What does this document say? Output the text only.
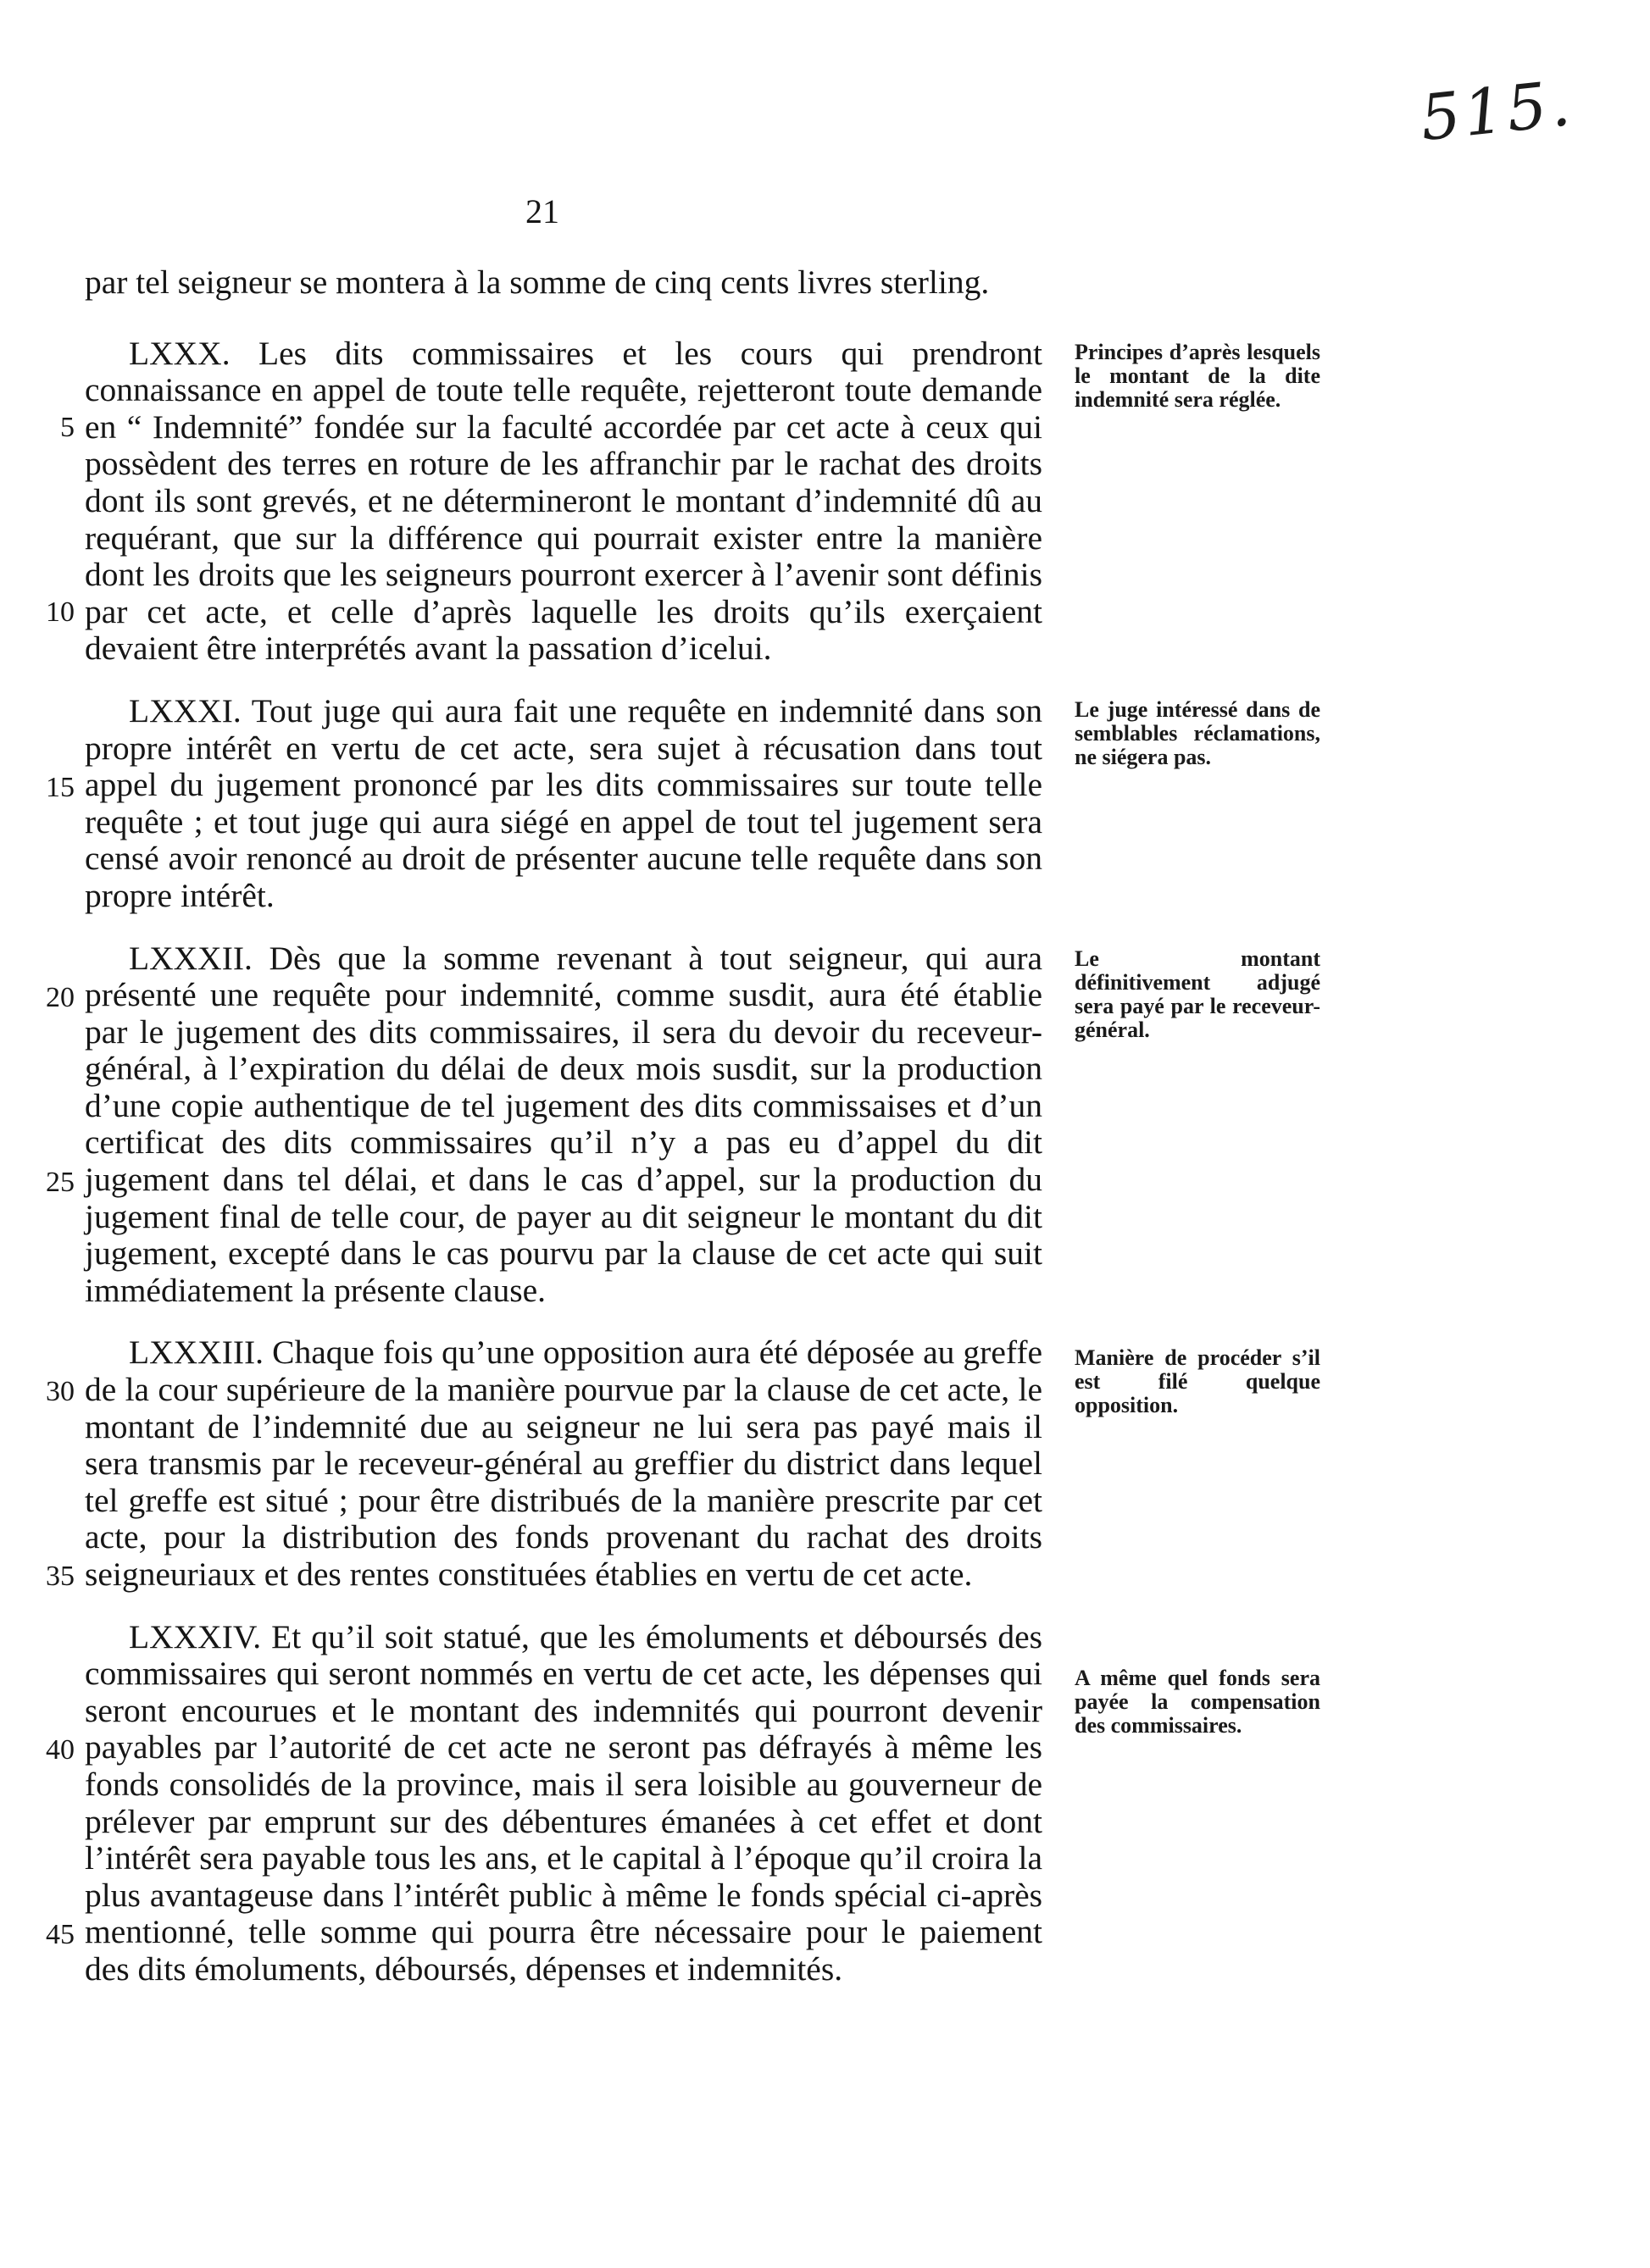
515.
21

par tel seigneur se montera à la somme de cinq cents livres sterling.

5
10

LXXX. Les dits commissaires et les cours qui prendront connaissance en appel de toute telle requête, rejetteront toute demande en “ Indemnité” fondée sur la faculté accordée par cet acte à ceux qui possèdent des terres en roture de les affranchir par le rachat des droits dont ils sont grevés, et ne détermineront le montant d’indemnité dû au requérant, que sur la différence qui pourrait exister entre la manière dont les droits que les seigneurs pourront exercer à l’avenir sont définis par cet acte, et celle d’après laquelle les droits qu’ils exerçaient devaient être interprétés avant la passation d’icelui.

Principes d’après lesquels le montant de la dite indemnité sera réglée.
15

LXXXI. Tout juge qui aura fait une requête en indemnité dans son propre intérêt en vertu de cet acte, sera sujet à récusation dans tout appel du jugement prononcé par les dits commissaires sur toute telle requête ; et tout juge qui aura siégé en appel de tout tel jugement sera censé avoir renoncé au droit de présenter aucune telle requête dans son propre intérêt.

Le juge intéressé dans de semblables réclamations, ne siégera pas.
20
25

LXXXII. Dès que la somme revenant à tout seigneur, qui aura présenté une requête pour indemnité, comme susdit, aura été établie par le jugement des dits commissaires, il sera du devoir du receveur-général, à l’expiration du délai de deux mois susdit, sur la production d’une copie authentique de tel jugement des dits commissaises et d’un certificat des dits commissaires qu’il n’y a pas eu d’appel du dit jugement dans tel délai, et dans le cas d’appel, sur la production du jugement final de telle cour, de payer au dit seigneur le montant du dit jugement, excepté dans le cas pourvu par la clause de cet acte qui suit immédiatement la présente clause.

Le montant définitivement adjugé sera payé par le receveur-général.
30
35

LXXXIII. Chaque fois qu’une opposition aura été déposée au greffe de la cour supérieure de la manière pourvue par la clause de cet acte, le montant de l’indemnité due au seigneur ne lui sera pas payé mais il sera transmis par le receveur-général au greffier du district dans lequel tel greffe est situé ; pour être distribués de la manière prescrite par cet acte, pour la distribution des fonds provenant du rachat des droits seigneuriaux et des rentes constituées établies en vertu de cet acte.

Manière de procéder s’il est filé quelque opposition.
40
45

LXXXIV. Et qu’il soit statué, que les émoluments et déboursés des commissaires qui seront nommés en vertu de cet acte, les dépenses qui seront encourues et le montant des indemnités qui pourront devenir payables par l’autorité de cet acte ne seront pas défrayés à même les fonds consolidés de la province, mais il sera loisible au gouverneur de prélever par emprunt sur des débentures émanées à cet effet et dont l’intérêt sera payable tous les ans, et le capital à l’époque qu’il croira la plus avantageuse dans l’intérêt public à même le fonds spécial ci-après mentionné, telle somme qui pourra être nécessaire pour le paiement des dits émoluments, déboursés, dépenses et indemnités.

A même quel fonds sera payée la compensation des commissaires.
